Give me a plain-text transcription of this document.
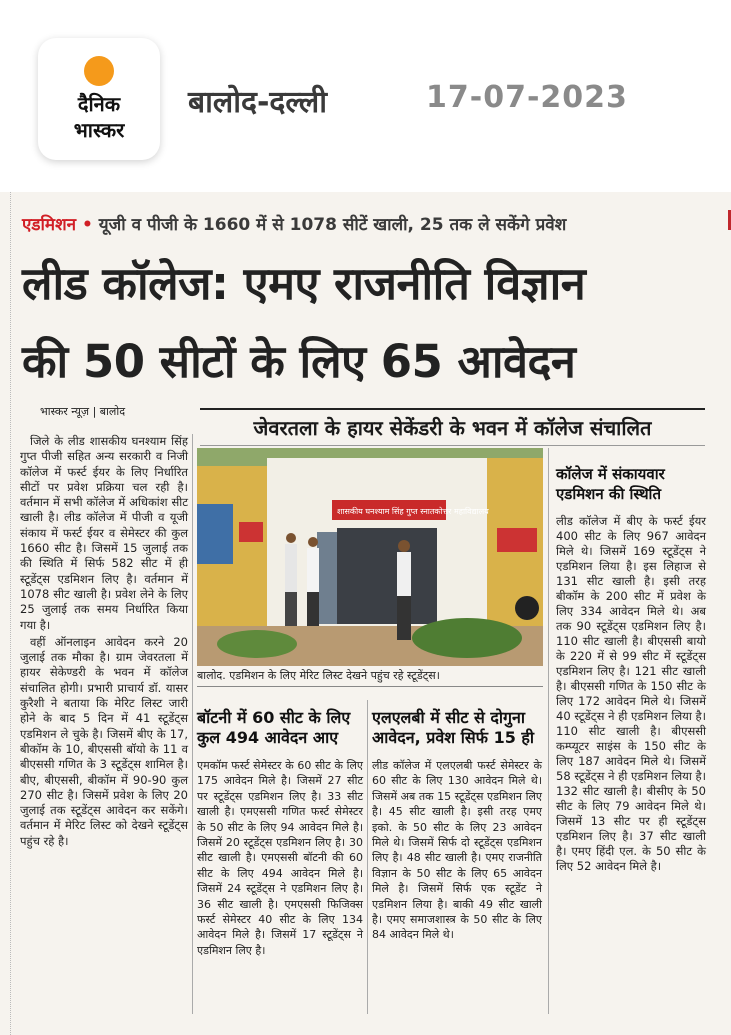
दैनिक
भास्कर
बालोद-दल्ली	17-07-2023
एडमिशन • यूजी व पीजी के 1660 में से 1078 सीटें खाली, 25 तक ले सकेंगे प्रवेश
लीड कॉलेज: एमए राजनीति विज्ञान
की 50 सीटों के लिए 65 आवेदन
भास्कर न्यूज़ | बालोद
जेवरतला के हायर सेकेंडरी के भवन में कॉलेज संचालित

जिले के लीड शासकीय घनश्याम सिंह गुप्त पीजी सहित अन्य सरकारी व निजी कॉलेज में फर्स्ट ईयर के लिए निर्धारित सीटों पर प्रवेश प्रक्रिया चल रही है। वर्तमान में सभी कॉलेज में अधिकांश सीट खाली है। लीड कॉलेज में पीजी व यूजी संकाय में फर्स्ट ईयर व सेमेस्टर की कुल 1660 सीट है। जिसमें 15 जुलाई तक की स्थिति में सिर्फ 582 सीट में ही स्टूडेंट्स एडमिशन लिए है। वर्तमान में 1078 सीट खाली है। प्रवेश लेने के लिए 25 जुलाई तक समय निर्धारित किया गया है।

वहीं ऑनलाइन आवेदन करने 20 जुलाई तक मौका है। ग्राम जेवरतला में हायर सेकेण्डरी के भवन में कॉलेज संचालित होगी। प्रभारी प्राचार्य डॉ. यासर कुरैशी ने बताया कि मेरिट लिस्ट जारी होने के बाद 5 दिन में 41 स्टूडेंट्स एडमिशन ले चुके है। जिसमें बीए के 17, बीकॉम के 10, बीएससी बॉयो के 11 व बीएससी गणित के 3 स्टूडेंट्स शामिल है। बीए, बीएससी, बीकॉम में 90-90 कुल 270 सीट है। जिसमें प्रवेश के लिए 20 जुलाई तक स्टूडेंट्स आवेदन कर सकेंगे। वर्तमान में मेरिट लिस्ट को देखने स्टूडेंट्स पहुंच रहे है।

शासकीय घनश्याम सिंह गुप्त स्नातकोत्तर महाविद्यालय
बालोद. एडमिशन के लिए मेरिट लिस्ट देखने पहुंच रहे स्टूडेंट्स।
कॉलेज में संकायवार एडमिशन की स्थिति
लीड कॉलेज में बीए के फर्स्ट ईयर 400 सीट के लिए 967 आवेदन मिले थे। जिसमें 169 स्टूडेंट्स ने एडमिशन लिया है। इस लिहाज से 131 सीट खाली है। इसी तरह बीकॉम के 200 सीट में प्रवेश के लिए 334 आवेदन मिले थे। अब तक 90 स्टूडेंट्स एडमिशन लिए है। 110 सीट खाली है। बीएससी बायो के 220 में से 99 सीट में स्टूडेंट्स एडमिशन लिए है। 121 सीट खाली है। बीएससी गणित के 150 सीट के लिए 172 आवेदन मिले थे। जिसमें 40 स्टूडेंट्स ने ही एडमिशन लिया है। 110 सीट खाली है। बीएससी कम्प्यूटर साइंस के 150 सीट के लिए 187 आवेदन मिले थे। जिसमें 58 स्टूडेंट्स ने ही एडमिशन लिया है। 132 सीट खाली है। बीसीए के 50 सीट के लिए 79 आवेदन मिले थे। जिसमें 13 सीट पर ही स्टूडेंट्स एडमिशन लिए है। 37 सीट खाली है। एमए हिंदी एल. के 50 सीट के लिए 52 आवेदन मिले है।
बॉटनी में 60 सीट के लिए कुल 494 आवेदन आए
एमकॉम फर्स्ट सेमेस्टर के 60 सीट के लिए 175 आवेदन मिले है। जिसमें 27 सीट पर स्टूडेंट्स एडमिशन लिए है। 33 सीट खाली है। एमएससी गणित फर्स्ट सेमेस्टर के 50 सीट के लिए 94 आवेदन मिले है। जिसमें 20 स्टूडेंट्स एडमिशन लिए है। 30 सीट खाली है। एमएससी बॉटनी की 60 सीट के लिए 494 आवेदन मिले है। जिसमें 24 स्टूडेंट्स ने एडमिशन लिए है। 36 सीट खाली है। एमएससी फिजिक्स फर्स्ट सेमेस्टर 40 सीट के लिए 134 आवेदन मिले है। जिसमें 17 स्टूडेंट्स ने एडमिशन लिए है।
एलएलबी में सीट से दोगुना आवेदन, प्रवेश सिर्फ 15 ही
लीड कॉलेज में एलएलबी फर्स्ट सेमेस्टर के 60 सीट के लिए 130 आवेदन मिले थे। जिसमें अब तक 15 स्टूडेंट्स एडमिशन लिए है। 45 सीट खाली है। इसी तरह एमए इको. के 50 सीट के लिए 23 आवेदन मिले थे। जिसमें सिर्फ दो स्टूडेंट्स एडमिशन लिए है। 48 सीट खाली है। एमए राजनीति विज्ञान के 50 सीट के लिए 65 आवेदन मिले है। जिसमें सिर्फ एक स्टूडेंट ने एडमिशन लिया है। बाकी 49 सीट खाली है। एमए समाजशास्त्र के 50 सीट के लिए 84 आवेदन मिले थे।
